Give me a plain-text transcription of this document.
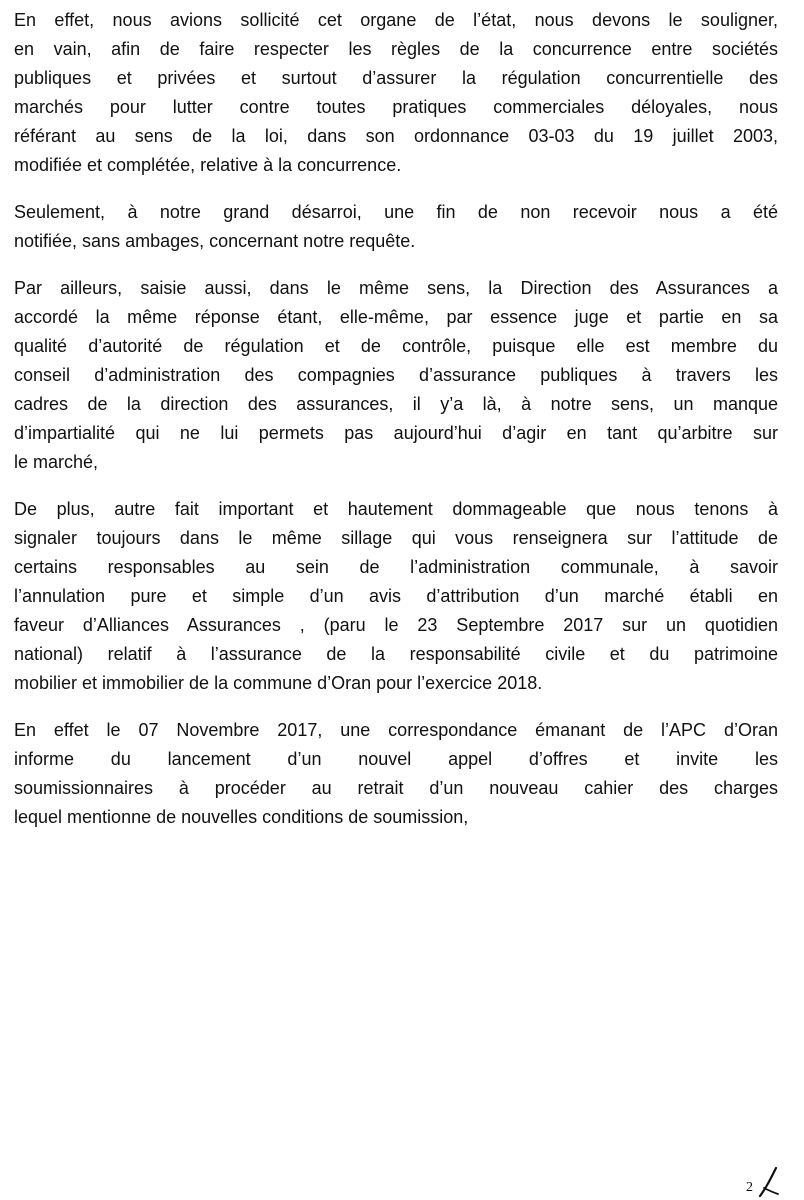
En effet, nous avions sollicité cet organe de l’état, nous devons le souligner,
en vain, afin de faire respecter les règles de la concurrence entre sociétés
publiques et privées et surtout d’assurer la régulation concurrentielle des
marchés pour lutter contre toutes pratiques commerciales déloyales, nous
référant au sens de la loi, dans son ordonnance 03-03 du 19 juillet 2003,
modifiée et complétée, relative à la concurrence.

Seulement, à notre grand désarroi, une fin de non recevoir nous a été
notifiée, sans ambages, concernant notre requête.

Par ailleurs, saisie aussi, dans le même sens, la Direction des Assurances a
accordé la même réponse étant, elle-même, par essence juge et partie en sa
qualité d’autorité de régulation et de contrôle, puisque elle est membre du
conseil d’administration des compagnies d’assurance publiques à travers les
cadres de la direction des assurances, il y’a là, à notre sens, un manque
d’impartialité qui ne lui permets pas aujourd’hui d’agir en tant qu’arbitre sur
le marché,

De plus, autre fait important et hautement dommageable que nous tenons à
signaler toujours dans le même sillage qui vous renseignera sur l’attitude de
certains responsables au sein de l’administration communale, à savoir
l’annulation pure et simple d’un avis d’attribution d’un marché établi en
faveur d’Alliances Assurances , (paru le 23 Septembre 2017 sur un quotidien
national) relatif à l’assurance de la responsabilité civile et du patrimoine
mobilier et immobilier de la commune d’Oran pour l’exercice 2018.

En effet le 07 Novembre 2017, une correspondance émanant de l’APC d’Oran
informe du lancement d’un nouvel appel d’offres et invite les
soumissionnaires à procéder au retrait d’un nouveau cahier des charges
lequel mentionne de nouvelles conditions de soumission,

2
